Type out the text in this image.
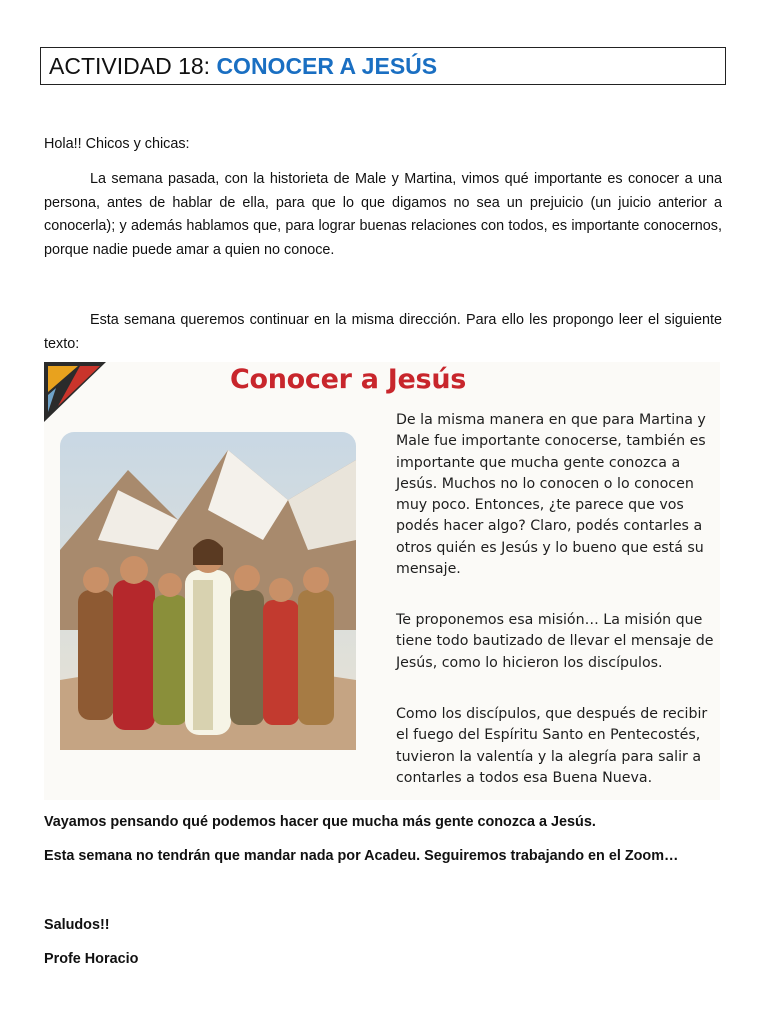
ACTIVIDAD 18: CONOCER A JESÚS

Hola!! Chicos y chicas:

La semana pasada, con la historieta de Male y Martina, vimos qué importante es conocer a una persona, antes de hablar de ella, para que lo que digamos no sea un prejuicio (un juicio anterior a conocerla); y además hablamos que, para lograr buenas relaciones con todos, es importante conocernos, porque nadie puede amar a quien no conoce.

Esta semana queremos continuar en la misma dirección. Para ello les propongo leer el siguiente texto:

Conocer a Jesús

De la misma manera en que para Martina y Male fue importante conocerse, también es importante que mucha gente conozca a Jesús. Muchos no lo conocen o lo conocen muy poco. Entonces, ¿te parece que vos podés hacer algo? Claro, podés contarles a otros quién es Jesús y lo bueno que está su mensaje.

Te proponemos esa misión… La misión que tiene todo bautizado de llevar el mensaje de Jesús, como lo hicieron los discípulos.

Como los discípulos, que después de recibir el fuego del Espíritu Santo en Pentecostés, tuvieron la valentía y la alegría para salir a contarles a todos esa Buena Nueva.

Vayamos pensando qué podemos hacer que mucha más gente conozca a Jesús.

Esta semana no tendrán que mandar nada por Acadeu. Seguiremos trabajando en el Zoom…

Saludos!!

Profe Horacio
